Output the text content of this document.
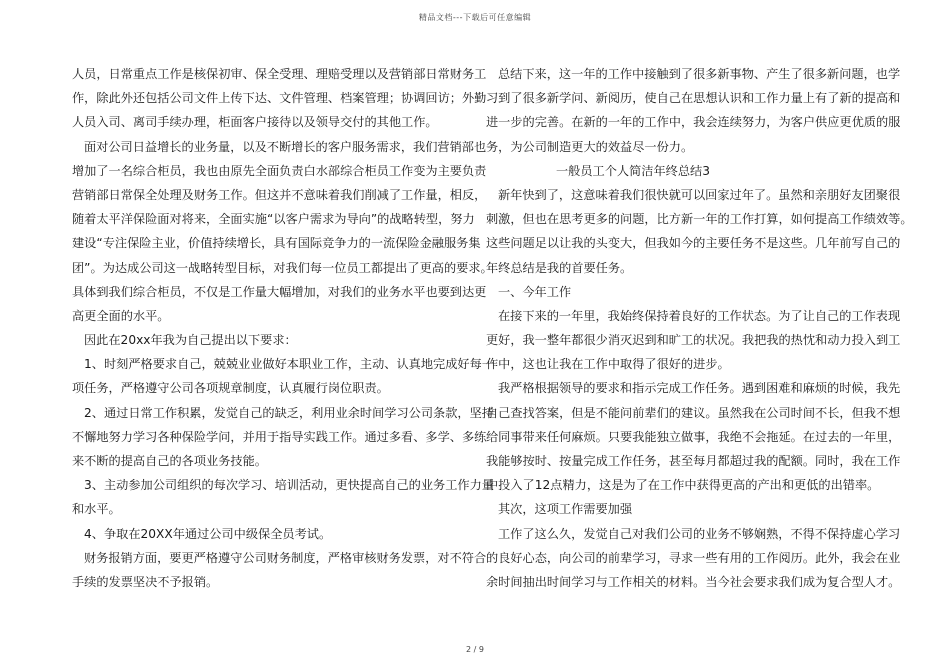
精品文档---下载后可任意编辑
人员，日常重点工作是核保初审、保全受理、理赔受理以及营销部日常财务工
作，除此外还包括公司文件上传下达、文件管理、档案管理；协调回访；外勤
人员入司、离司手续办理，柜面客户接待以及领导交付的其他工作。
面对公司日益增长的业务量，以及不断增长的客户服务需求，我们营销部也
增加了一名综合柜员，我也由原先全面负责白水部综合柜员工作变为主要负责
营销部日常保全处理及财务工作。但这并不意味着我们削减了工作量，相反，
随着太平洋保险面对将来，全面实施“以客户需求为导向”的战略转型，努力
建设“专注保险主业，价值持续增长，具有国际竞争力的一流保险金融服务集
团”。为达成公司这一战略转型目标，对我们每一位员工都提出了更高的要求。
具体到我们综合柜员，不仅是工作量大幅增加，对我们的业务水平也要到达更
高更全面的水平。
因此在20xx年我为自己提出以下要求：
1、时刻严格要求自己，兢兢业业做好本职业工作，主动、认真地完成好每一
项任务，严格遵守公司各项规章制度，认真履行岗位职责。
2、通过日常工作积累，发觉自己的缺乏，利用业余时间学习公司条款，坚持
不懈地努力学习各种保险学问，并用于指导实践工作。通过多看、多学、多练
来不断的提高自己的各项业务技能。
3、主动参加公司组织的每次学习、培训活动，更快提高自己的业务工作力量
和水平。
4、争取在20XX年通过公司中级保全员考试。
财务报销方面，要更严格遵守公司财务制度，严格审核财务发票，对不符合
手续的发票坚决不予报销。
总结下来，这一年的工作中接触到了很多新事物、产生了很多新问题，也学
习到了很多新学问、新阅历，使自己在思想认识和工作力量上有了新的提高和
进一步的完善。在新的一年的工作中，我会连续努力，为客户供应更优质的服
务，为公司制造更大的效益尽一份力。
一般员工个人简洁年终总结3
新年快到了，这意味着我们很快就可以回家过年了。虽然和亲朋好友团聚很
刺激，但也在思考更多的问题，比方新一年的工作打算，如何提高工作绩效等。
这些问题足以让我的头变大，但我如今的主要任务不是这些。几年前写自己的
年终总结是我的首要任务。
一、今年工作
在接下来的一年里，我始终保持着良好的工作状态。为了让自己的工作表现
更好，我一整年都很少消灭迟到和旷工的状况。我把我的热忱和动力投入到工
作中，这也让我在工作中取得了很好的进步。
我严格根据领导的要求和指示完成工作任务。遇到困难和麻烦的时候，我先
自己查找答案，但是不能问前辈们的建议。虽然我在公司时间不长，但我不想
给同事带来任何麻烦。只要我能独立做事，我绝不会拖延。在过去的一年里，
我能够按时、按量完成工作任务，甚至每月都超过我的配额。同时，我在工作
中投入了12点精力，这是为了在工作中获得更高的产出和更低的出错率。
其次，这项工作需要加强
工作了这么久，发觉自己对我们公司的业务不够娴熟，不得不保持虚心学习
的良好心态，向公司的前辈学习，寻求一些有用的工作阅历。此外，我会在业
余时间抽出时间学习与工作相关的材料。当今社会要求我们成为复合型人才。
2 / 9
